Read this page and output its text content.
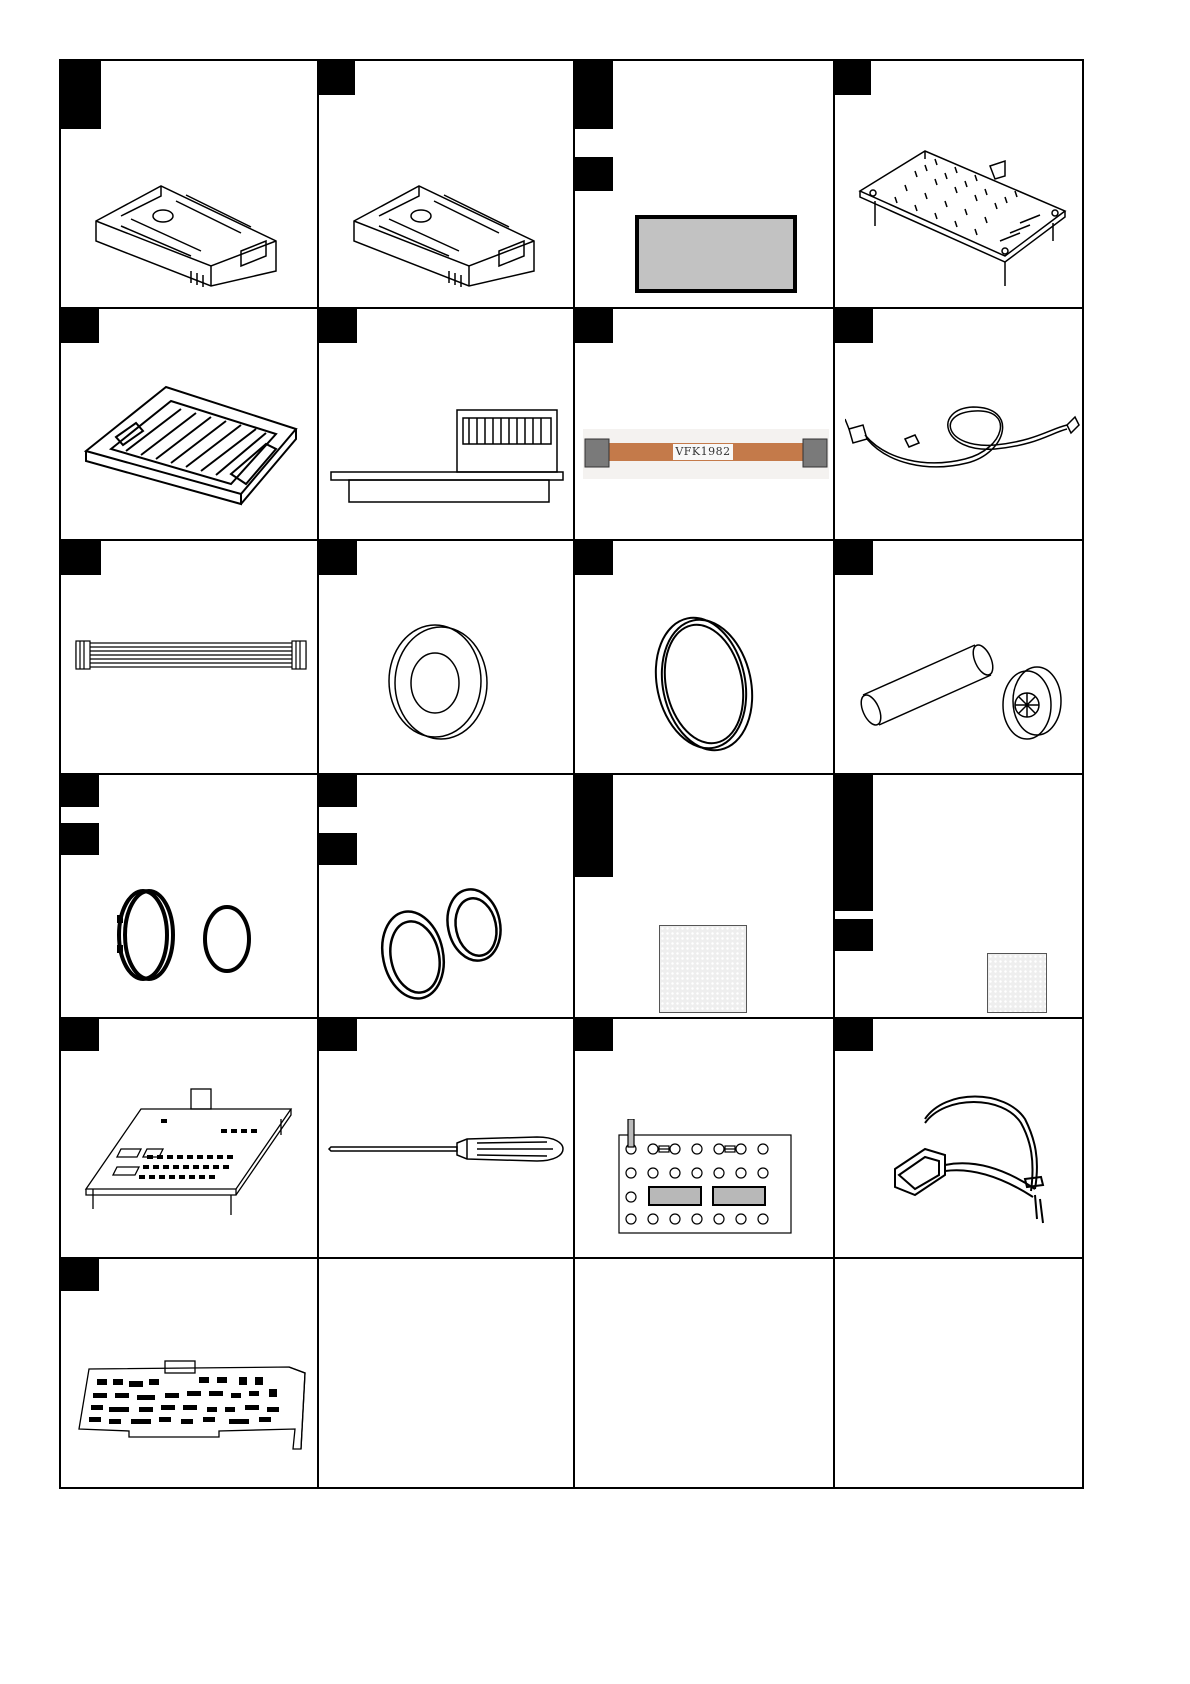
VFK1982
